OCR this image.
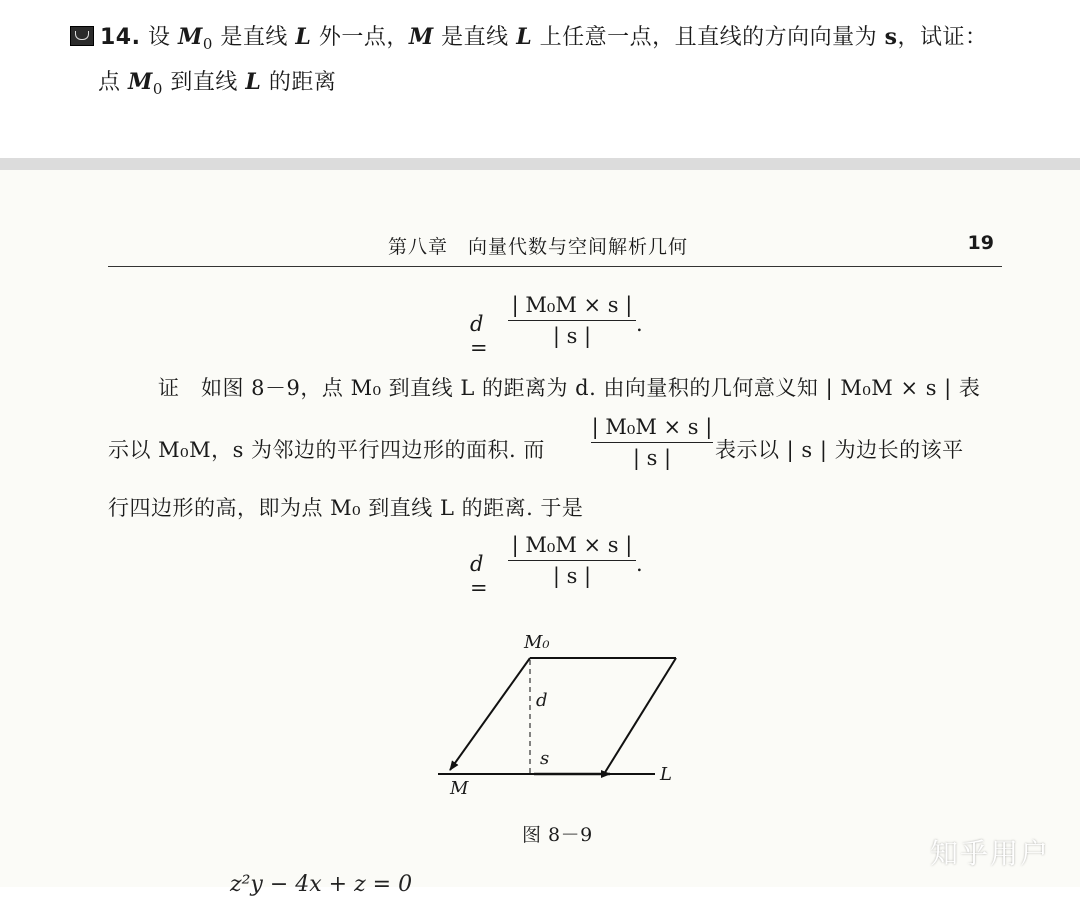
14. 设 $M_0$ 是直线 L 外一点，M 是直线 L 上任意一点，且直线的方向向量为 s，试证：
点 $M_0$ 到直线 L 的距离
第八章　向量代数与空间解析几何	19
d =
| M₀M × s |
| s |	.
证　如图 8－9，点 M₀ 到直线 L 的距离为 d. 由向量积的几何意义知 | M₀M × s | 表
示以 M₀M，s 为邻边的平行四边形的面积. 而
| M₀M × s |
| s |	表示以 | s | 为边长的该平
行四边形的高，即为点 M₀ 到直线 L 的距离. 于是
d =
| M₀M × s |
| s |	.
M₀
d
s
M
L
图 8－9
z²y − 4x + z = 0
知乎用户
